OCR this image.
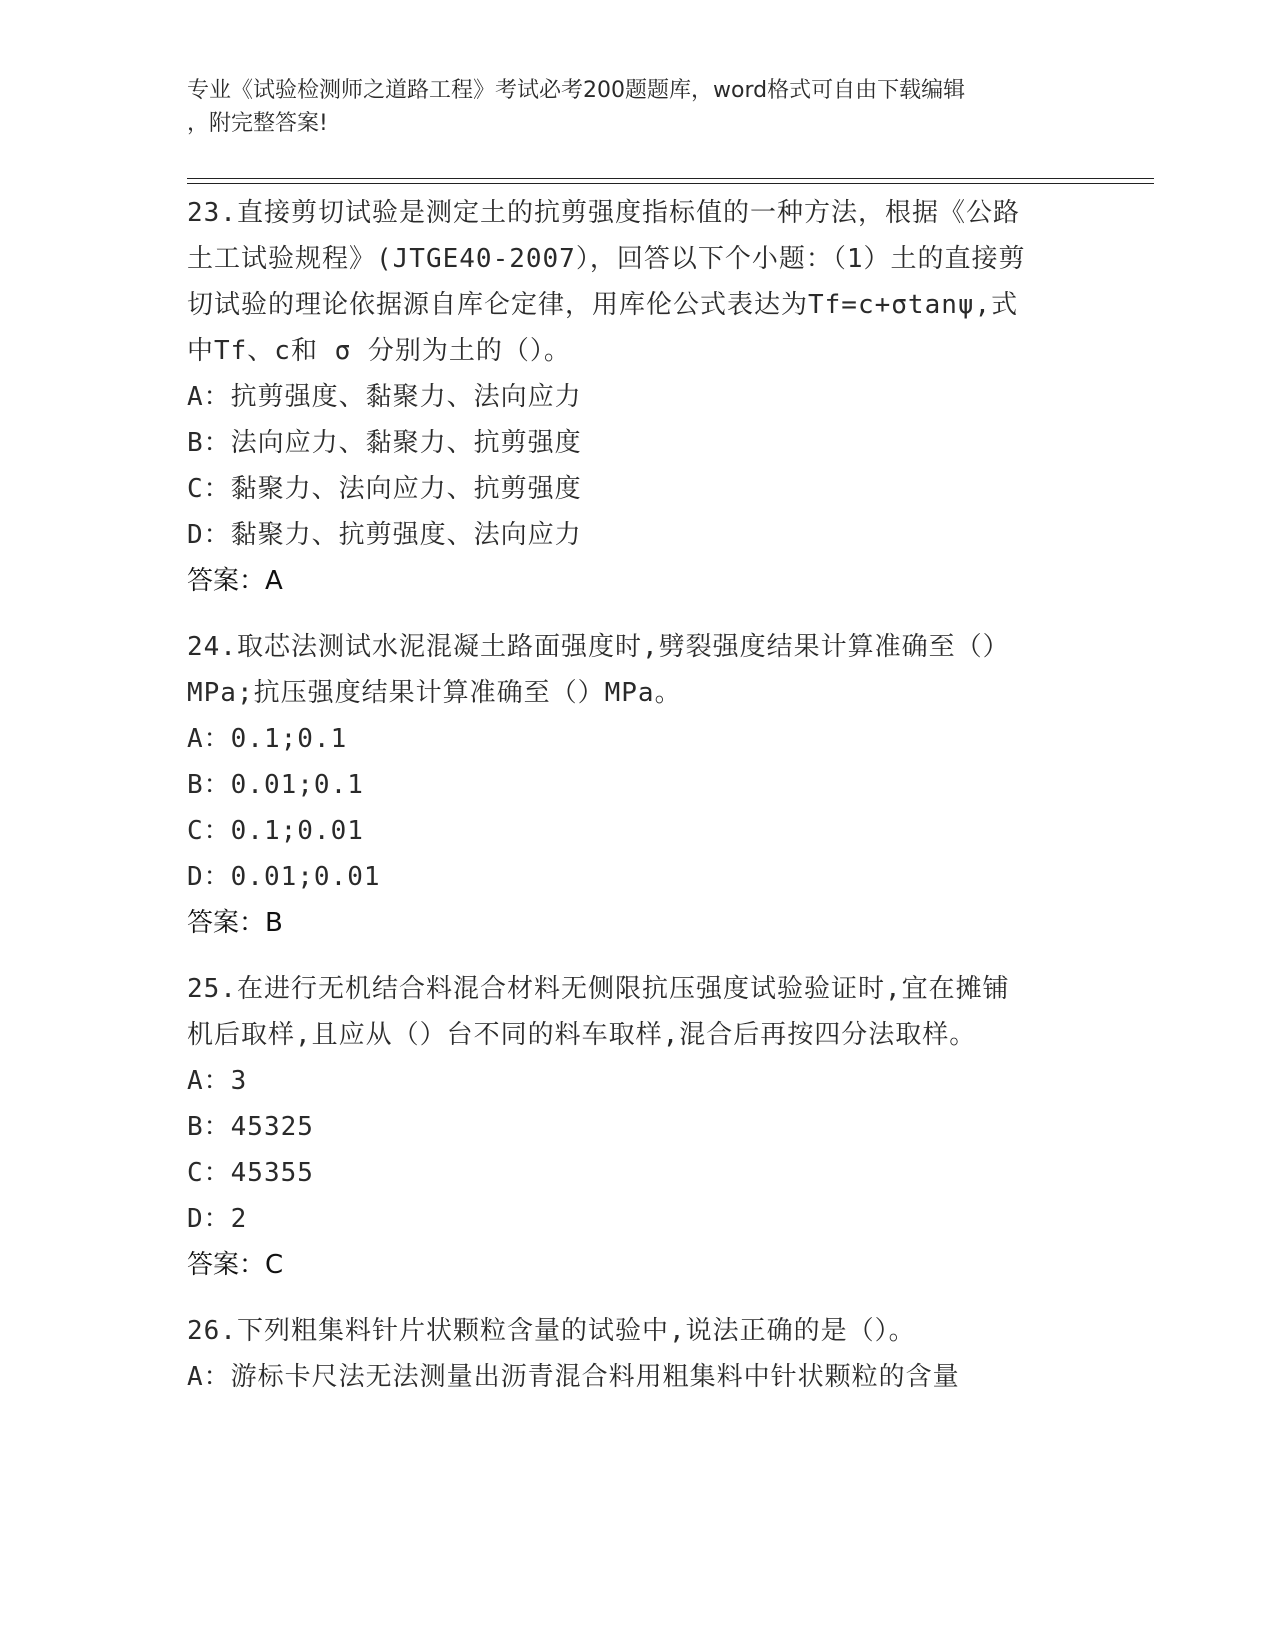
专业《试验检测师之道路工程》考试必考200题题库，word格式可自由下载编辑
，附完整答案!
23.直接剪切试验是测定土的抗剪强度指标值的一种方法，根据《公路
土工试验规程》(JTGE40-2007），回答以下个小题：（1）土的直接剪
切试验的理论依据源自库仑定律，用库伦公式表达为Tf=c+σtanψ,式
中Tf、c和 σ 分别为土的（）。
A：抗剪强度、黏聚力、法向应力
B：法向应力、黏聚力、抗剪强度
C：黏聚力、法向应力、抗剪强度
D：黏聚力、抗剪强度、法向应力
答案：A
24.取芯法测试水泥混凝土路面强度时,劈裂强度结果计算准确至（）
MPa;抗压强度结果计算准确至（）MPa。
A：0.1;0.1
B：0.01;0.1
C：0.1;0.01
D：0.01;0.01
答案：B
25.在进行无机结合料混合材料无侧限抗压强度试验验证时,宜在摊铺
机后取样,且应从（）台不同的料车取样,混合后再按四分法取样。
A：3
B：45325
C：45355
D：2
答案：C
26.下列粗集料针片状颗粒含量的试验中,说法正确的是（）。
A：游标卡尺法无法测量出沥青混合料用粗集料中针状颗粒的含量
